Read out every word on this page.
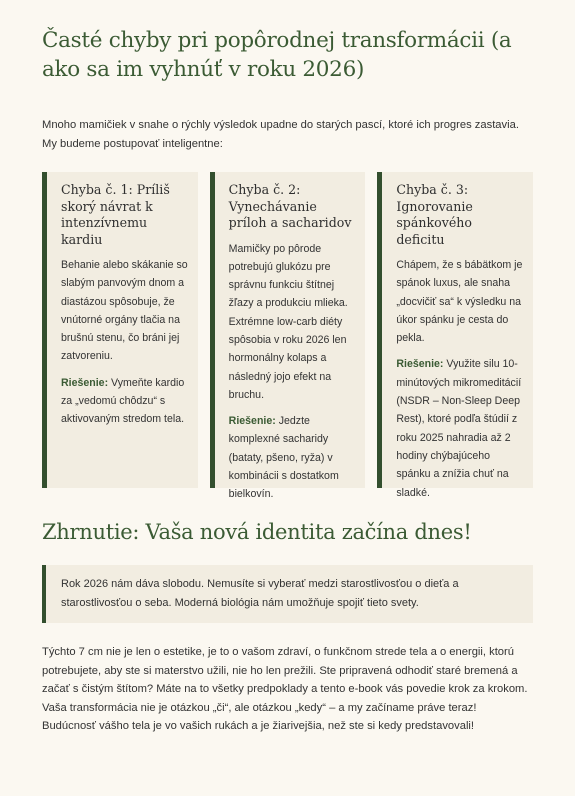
Časté chyby pri popôrodnej transformácii (a ako sa im vyhnúť v roku 2026)

Mnoho mamičiek v snahe o rýchly výsledok upadne do starých pascí, ktoré ich progres zastavia. My budeme postupovať inteligentne:

Chyba č. 1: Príliš skorý návrat k intenzívnemu kardiu

Behanie alebo skákanie so slabým panvovým dnom a diastázou spôsobuje, že vnútorné orgány tlačia na brušnú stenu, čo bráni jej zatvoreniu.

Riešenie: Vymeňte kardio za „vedomú chôdzu“ s aktivovaným stredom tela.

Chyba č. 2: Vynechávanie príloh a sacharidov

Mamičky po pôrode potrebujú glukózu pre správnu funkciu štítnej žľazy a produkciu mlieka. Extrémne low-carb diéty spôsobia v roku 2026 len hormonálny kolaps a následný jojo efekt na bruchu.

Riešenie: Jedzte komplexné sacharidy (bataty, pšeno, ryža) v kombinácii s dostatkom bielkovín.

Chyba č. 3: Ignorovanie spánkového deficitu

Chápem, že s bábätkom je spánok luxus, ale snaha „docvičiť sa“ k výsledku na úkor spánku je cesta do pekla.

Riešenie: Využite silu 10-minútových mikromeditácií (NSDR – Non-Sleep Deep Rest), ktoré podľa štúdií z roku 2025 nahradia až 2 hodiny chýbajúceho spánku a znížia chuť na sladké.

Zhrnutie: Vaša nová identita začína dnes!
Rok 2026 nám dáva slobodu. Nemusíte si vyberať medzi starostlivosťou o dieťa a starostlivosťou o seba. Moderná biológia nám umožňuje spojiť tieto svety.

Týchto 7 cm nie je len o estetike, je to o vašom zdraví, o funkčnom strede tela a o energii, ktorú potrebujete, aby ste si materstvo užili, nie ho len prežili. Ste pripravená odhodiť staré bremená a začať s čistým štítom? Máte na to všetky predpoklady a tento e-book vás povedie krok za krokom. Vaša transformácia nie je otázkou „či“, ale otázkou „kedy“ – a my začíname práve teraz! Budúcnosť vášho tela je vo vašich rukách a je žiarivejšia, než ste si kedy predstavovali!
